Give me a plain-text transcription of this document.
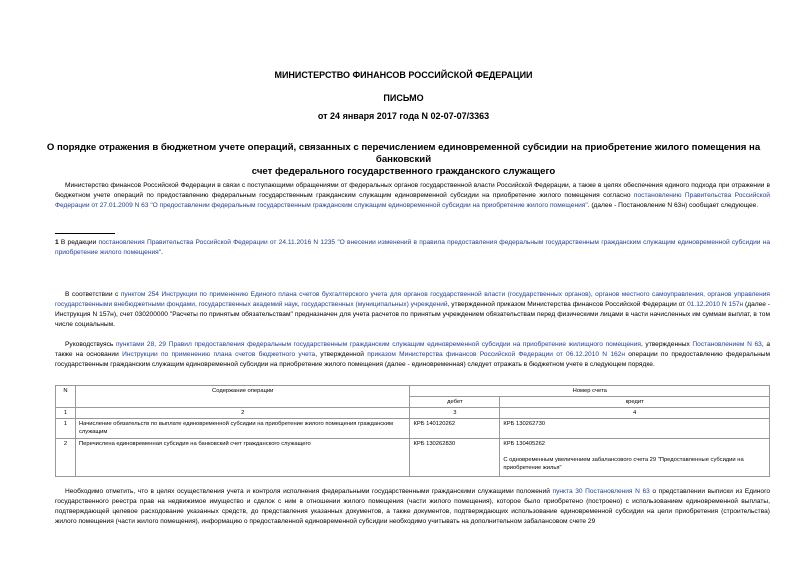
МИНИСТЕРСТВО ФИНАНСОВ РОССИЙСКОЙ ФЕДЕРАЦИИ
ПИСЬМО
от 24 января 2017 года N 02-07-07/3363
О порядке отражения в бюджетном учете операций, связанных с перечислением единовременной субсидии на приобретение жилого помещения на банковский
счет федерального государственного гражданского служащего
Министерство финансов Российской Федерации в связи с поступающими обращениями от федеральных органов государственной власти Российской Федерации, а также в целях обеспечения единого подхода при отражении в бюджетном учете операций по предоставлению федеральным государственным гражданским служащим единовременной субсидии на приобретение жилого помещения согласно постановлению Правительства Российской Федерации от 27.01.2009 N 63 "О предоставлении федеральным государственным гражданским служащим единовременной субсидии на приобретение жилого помещения". (далее - Постановление N 63н) сообщает следующее.
1 В редакции постановления Правительства Российской Федерации от 24.11.2016 N 1235 "О внесении изменений в правила предоставления федеральным государственным гражданским служащим единовременной субсидии на приобретение жилого помещения".
В соответствии с пунктом 254 Инструкции по применению Единого плана счетов бухгалтерского учета для органов государственной власти (государственных органов), органов местного самоуправления, органов управления государственными внебюджетными фондами, государственных академий наук, государственных (муниципальных) учреждений, утвержденной приказом Министерства финансов Российской Федерации от 01.12.2010 N 157н (далее - Инструкция N 157н), счет 030200000 "Расчеты по принятым обязательствам" предназначен для учета расчетов по принятым учреждением обязательствам перед физическими лицами в части начисленных им суммам выплат, в том числе социальным.
Руководствуясь пунктами 28, 29 Правил предоставления федеральным государственным гражданским служащим единовременной субсидии на приобретение жилищного помещения, утвержденных Постановлением N 63, а также на основании Инструкции по применению плана счетов бюджетного учета, утвержденной приказом Министерства финансов Российской Федерации от 06.12.2010 N 162н операции по предоставлению федеральным государственным гражданским служащим единовременной субсидии на приобретение жилого помещения (далее - единовременная) следует отражать в бюджетном учете в следующем порядке.
N	Содержание операции	Номер счета	
		дебет	кредит
1	2	3	4
1	Начисление обязательств по выплате единовременной субсидии на приобретение жилого помещения гражданским служащим	КРБ 140120262	КРБ 130262730
2	Перечислена единовременная субсидия на банковский счет гражданского служащего	КРБ 130262830	КРБ 130405262
С одновременным увеличением забалансового счета 29 "Предоставленные субсидии на приобретение жилья"
Необходимо отметить, что в целях осуществления учета и контроля исполнения федеральными государственными гражданскими служащими положений пункта 30 Постановления N 63 о представлении выписки из Единого государственного реестра прав на недвижимое имущество и сделок с ним в отношении жилого помещения (части жилого помещения), которое было приобретено (построено) с использованием единовременной выплаты, подтверждающей целевое расходование указанных средств, до представления указанных документов, а также документов, подтверждающих использование единовременной субсидии на цели приобретения (строительства) жилого помещения (части жилого помещения), информацию о предоставленной единовременной субсидии необходимо учитывать на дополнительном забалансовом счете 29
